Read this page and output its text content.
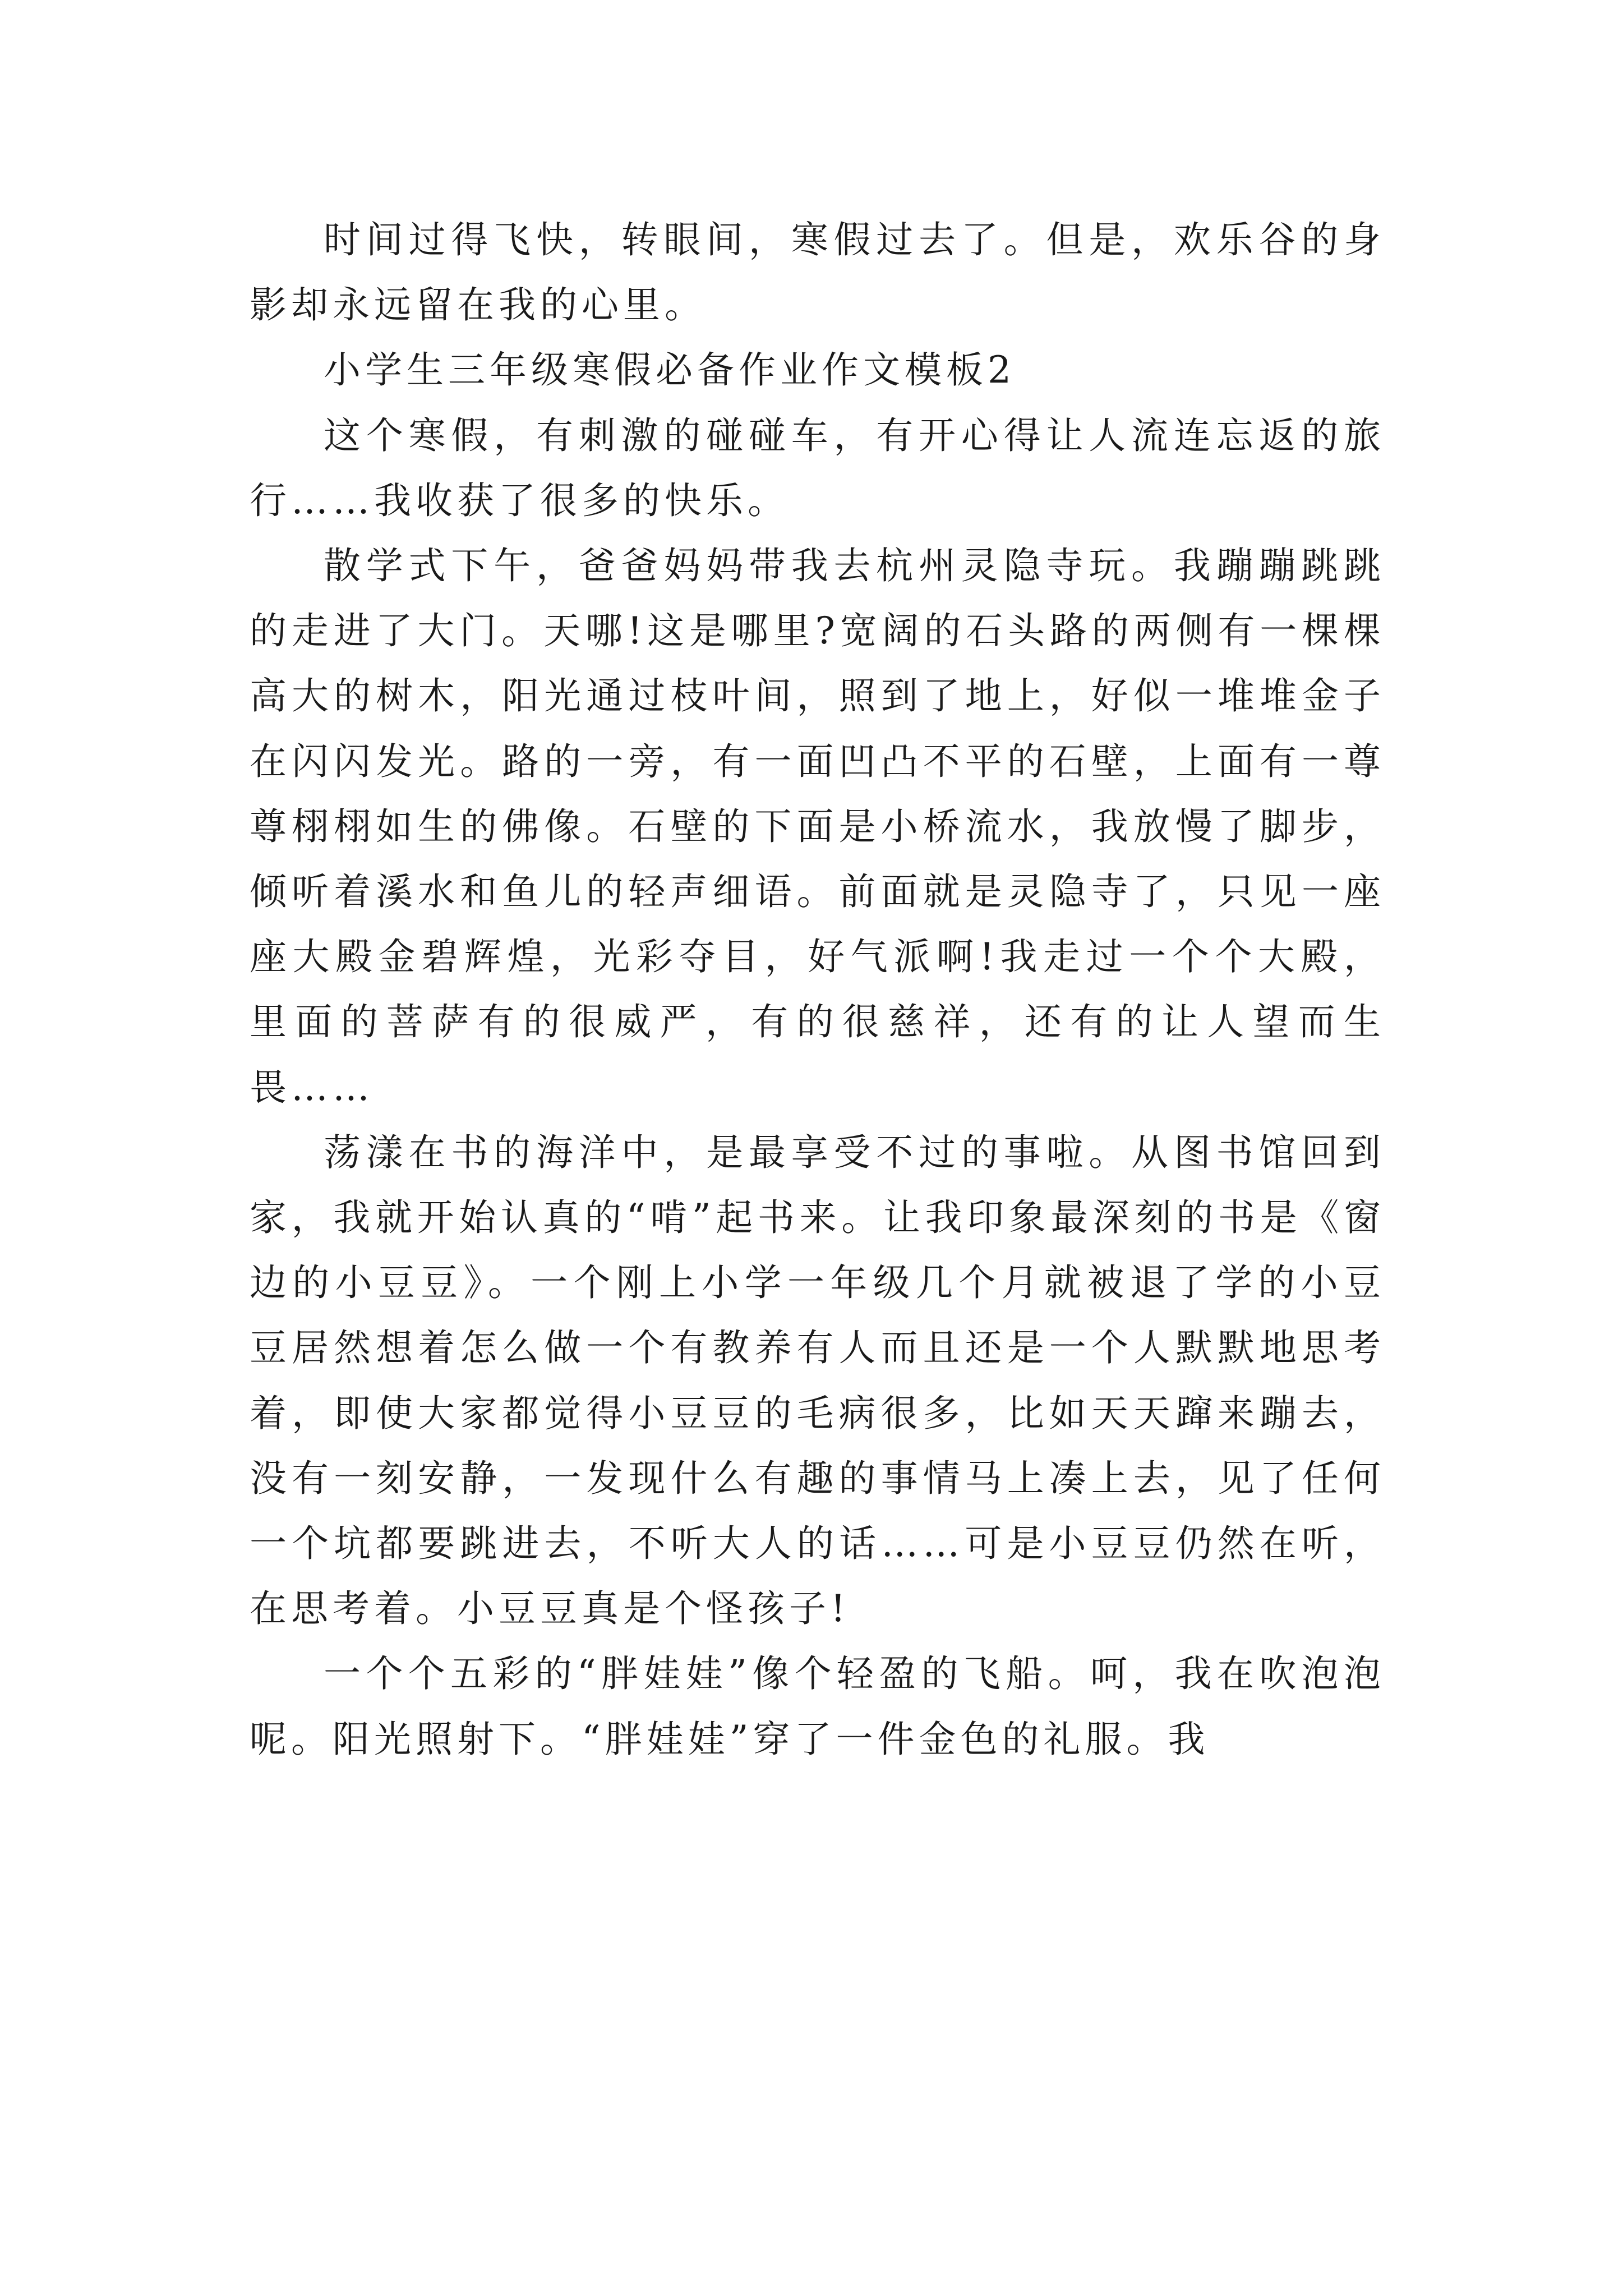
时间过得飞快，转眼间，寒假过去了。但是，欢乐谷的身影却永远留在我的心里。

小学生三年级寒假必备作业作文模板2

这个寒假，有刺激的碰碰车，有开心得让人流连忘返的旅行……我收获了很多的快乐。

散学式下午，爸爸妈妈带我去杭州灵隐寺玩。我蹦蹦跳跳的走进了大门。天哪!这是哪里?宽阔的石头路的两侧有一棵棵高大的树木，阳光通过枝叶间，照到了地上，好似一堆堆金子在闪闪发光。路的一旁，有一面凹凸不平的石壁，上面有一尊尊栩栩如生的佛像。石壁的下面是小桥流水，我放慢了脚步，倾听着溪水和鱼儿的轻声细语。前面就是灵隐寺了，只见一座座大殿金碧辉煌，光彩夺目，好气派啊!我走过一个个大殿，里面的菩萨有的很威严，有的很慈祥，还有的让人望而生畏……

荡漾在书的海洋中，是最享受不过的事啦。从图书馆回到家，我就开始认真的“啃”起书来。让我印象最深刻的书是《窗边的小豆豆》。一个刚上小学一年级几个月就被退了学的小豆豆居然想着怎么做一个有教养有人而且还是一个人默默地思考着，即使大家都觉得小豆豆的毛病很多，比如天天蹿来蹦去，没有一刻安静，一发现什么有趣的事情马上凑上去，见了任何一个坑都要跳进去，不听大人的话……可是小豆豆仍然在听，在思考着。小豆豆真是个怪孩子!

一个个五彩的“胖娃娃”像个轻盈的飞船。呵，我在吹泡泡呢。阳光照射下。“胖娃娃”穿了一件金色的礼服。我
